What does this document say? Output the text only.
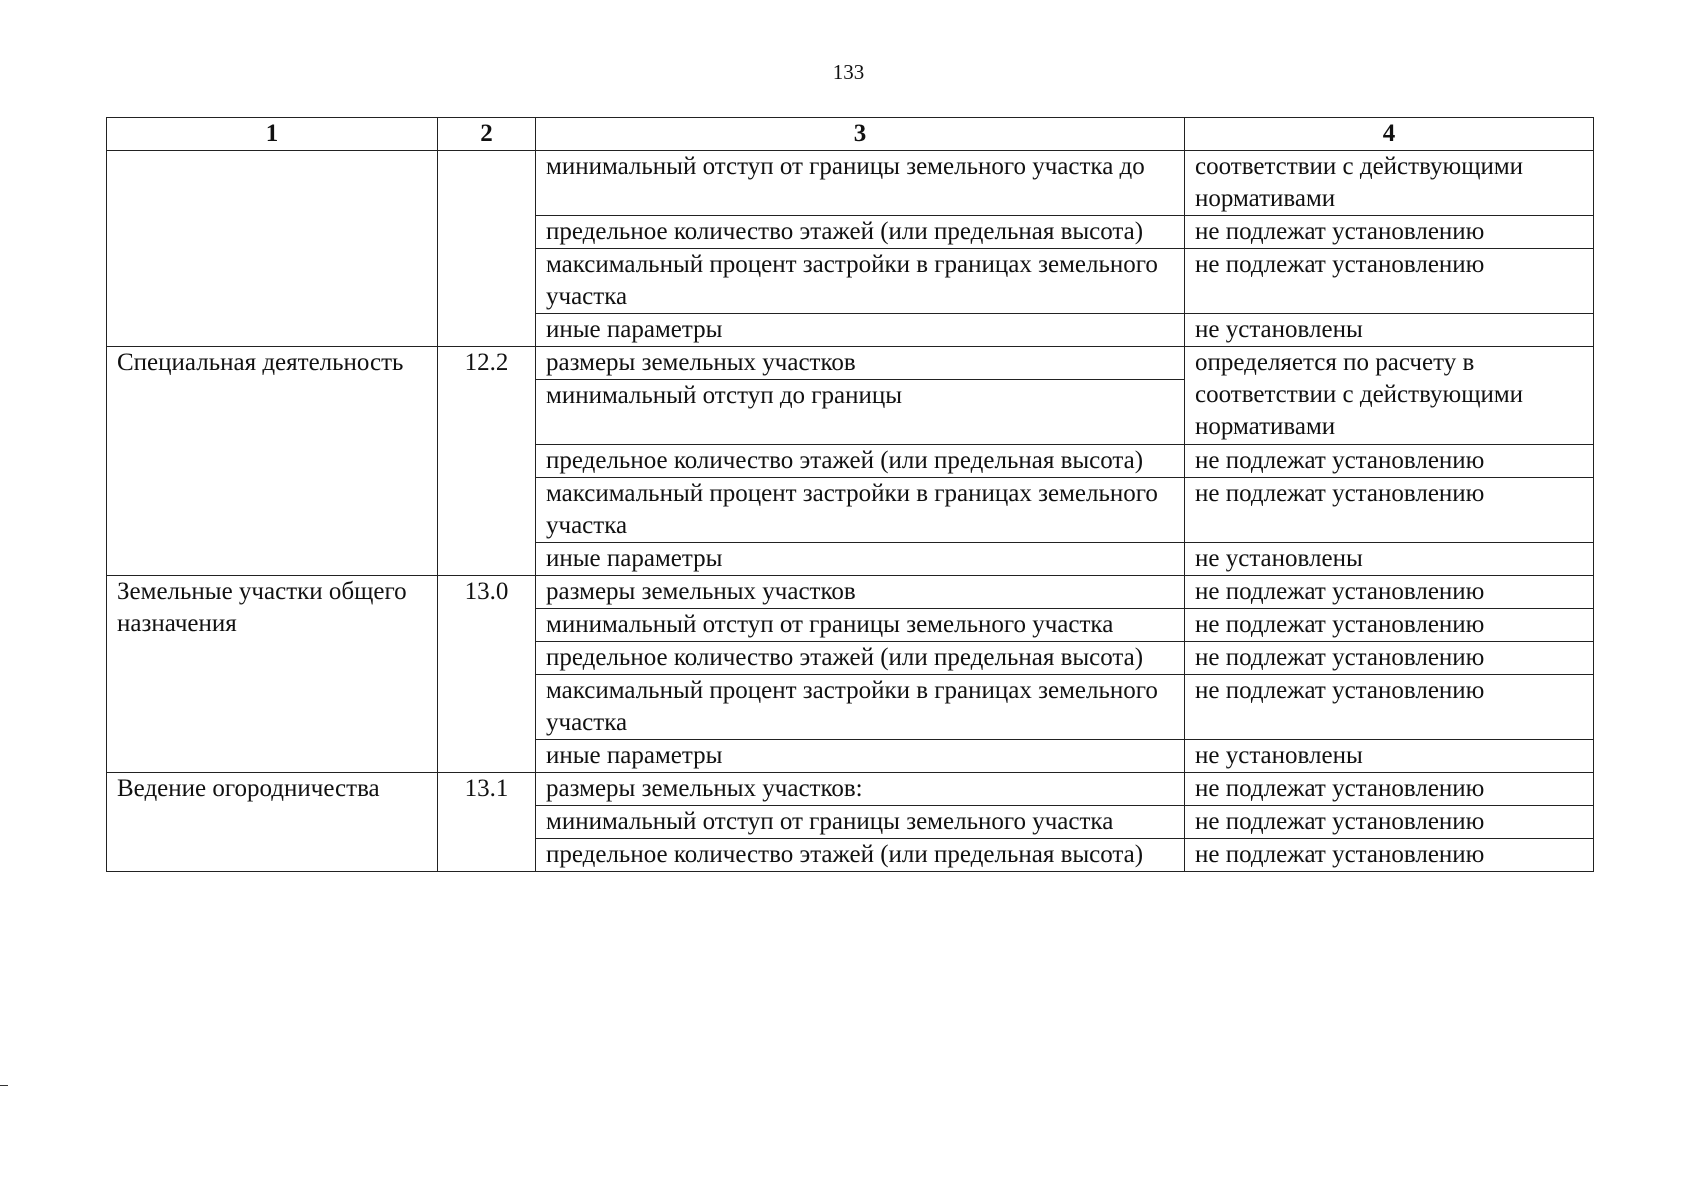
133
1	2	3	4
		минимальный отступ от границы земельного участка до	соответствии с действующими нормативами
		предельное количество этажей (или предельная высота)	не подлежат установлению
		максимальный процент застройки в границах земельного участка	не подлежат установлению
		иные параметры	не установлены
Специальная деятельность	12.2	размеры земельных участков	определяется по расчету в соответствии с действующими нормативами
		минимальный отступ до границы	
		предельное количество этажей (или предельная высота)	не подлежат установлению
		максимальный процент застройки в границах земельного участка	не подлежат установлению
		иные параметры	не установлены
Земельные участки общего назначения	13.0	размеры земельных участков	не подлежат установлению
		минимальный отступ от границы земельного участка	не подлежат установлению
		предельное количество этажей (или предельная высота)	не подлежат установлению
		максимальный процент застройки в границах земельного участка	не подлежат установлению
		иные параметры	не установлены
Ведение огородничества	13.1	размеры земельных участков:	не подлежат установлению
		минимальный отступ от границы земельного участка	не подлежат установлению
		предельное количество этажей (или предельная высота)	не подлежат установлению
